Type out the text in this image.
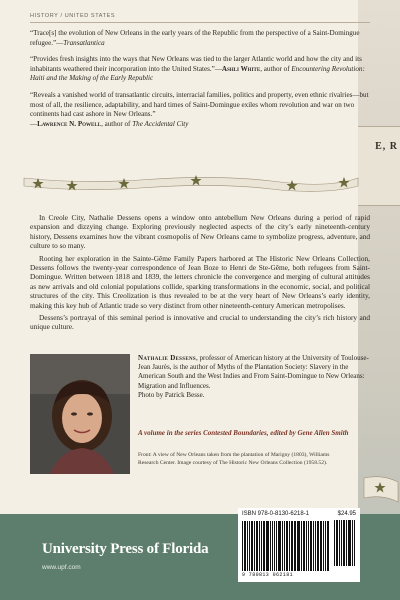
E, R
HISTORY / UNITED STATES

“Trace[s] the evolution of New Orleans in the early years of the Republic from the perspective of a Saint-Domingue refugee.”—Transatlantica

“Provides fresh insights into the ways that New Orleans was tied to the larger Atlantic world and how the city and its inhabitants weathered their incorporation into the United States.”—Ashli White, author of Encountering Revolution: Haiti and the Making of the Early Republic

“Reveals a vanished world of transatlantic circuits, interracial families, politics and property, even ethnic rivalries—but most of all, the resilience, adaptability, and hard times of Saint-Domingue exiles whom revolution and war on two continents had cast ashore in New Orleans.”
—Lawrence N. Powell, author of The Accidental City

In Creole City, Nathalie Dessens opens a window onto antebellum New Orleans during a period of rapid expansion and dizzying change. Exploring previously neglected aspects of the city’s early nineteenth-century history, Dessens examines how the vibrant cosmopolis of New Orleans came to symbolize progress, adventure, and culture to so many.

Rooting her exploration in the Sainte-Gême Family Papers harbored at The Historic New Orleans Collection, Dessens follows the twenty-year correspondence of Jean Boze to Henri de Ste-Gême, both refugees from Saint-Domingue. Written between 1818 and 1839, the letters chronicle the convergence and merging of cultural attitudes as new arrivals and old colonial populations collide, sparking transformations in the economic, social, and political structures of the city. This Creolization is thus revealed to be at the very heart of New Orleans’s early identity, making this key hub of Atlantic trade so very distinct from other nineteenth-century American metropolises.

Dessens’s portrayal of this seminal period is innovative and crucial to understanding the city’s rich history and unique culture.

Nathalie Dessens, professor of American history at the University of Toulouse-Jean Jaurès, is the author of Myths of the Plantation Society: Slavery in the American South and the West Indies and From Saint-Domingue to New Orleans: Migration and Influences.
Photo by Patrick Besse.
A volume in the series Contested Boundaries, edited by Gene Allen Smith
Front: A view of New Orleans taken from the plantation of Marigny (1803), Williams Research Center. Image courtesy of The Historic New Orleans Collection (1958.52).
University Press of Florida
www.upf.com
ISBN 978-0-8130-6218-1	$24.95
9 780813 062181
